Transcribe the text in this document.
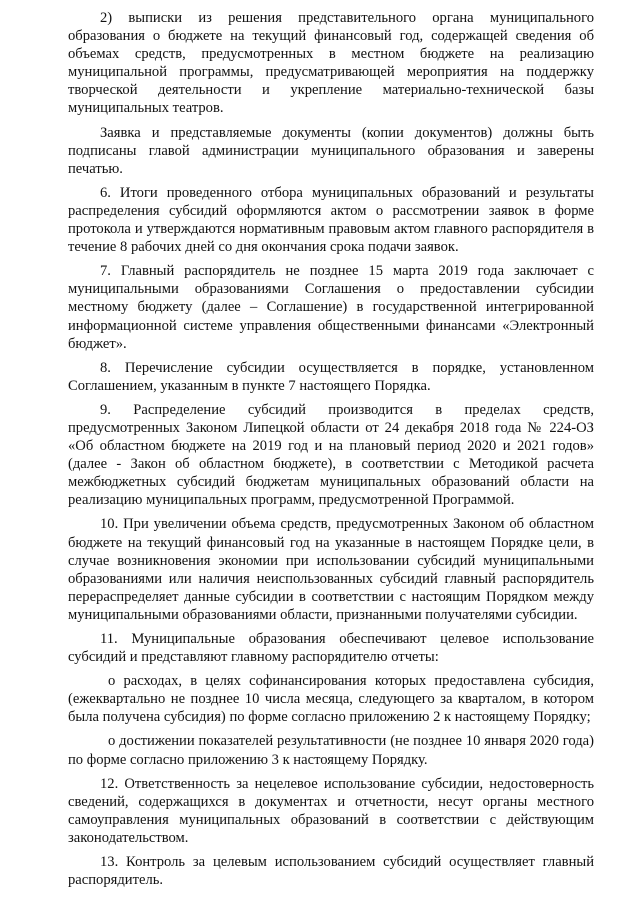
2) выписки из решения представительного органа муниципального образования о бюджете на текущий финансовый год, содержащей сведения об объемах средств, предусмотренных в местном бюджете на реализацию муниципальной программы, предусматривающей мероприятия на поддержку творческой деятельности и укрепление материально-технической базы муниципальных театров.

Заявка и представляемые документы (копии документов) должны быть подписаны главой администрации муниципального образования и заверены печатью.

6. Итоги проведенного отбора муниципальных образований и результаты распределения субсидий оформляются актом о рассмотрении заявок в форме протокола и утверждаются нормативным правовым актом главного распорядителя в течение 8 рабочих дней со дня окончания срока подачи заявок.

7. Главный распорядитель не позднее 15 марта 2019 года заключает с муниципальными образованиями Соглашения о предоставлении субсидии местному бюджету (далее – Соглашение) в государственной интегрированной информационной системе управления общественными финансами «Электронный бюджет».

8. Перечисление субсидии осуществляется в порядке, установленном Соглашением, указанным в пункте 7 настоящего Порядка.

9. Распределение субсидий производится в пределах средств, предусмотренных Законом Липецкой области от 24 декабря 2018 года № 224-ОЗ «Об областном бюджете на 2019 год и на плановый период 2020 и 2021 годов» (далее - Закон об областном бюджете), в соответствии с Методикой расчета межбюджетных субсидий бюджетам муниципальных образований области на реализацию муниципальных программ, предусмотренной Программой.

10. При увеличении объема средств, предусмотренных Законом об областном бюджете на текущий финансовый год на указанные в настоящем Порядке цели, в случае возникновения экономии при использовании субсидий муниципальными образованиями или наличия неиспользованных субсидий главный распорядитель перераспределяет данные субсидии в соответствии с настоящим Порядком между муниципальными образованиями области, признанными получателями субсидии.

11. Муниципальные образования обеспечивают целевое использование субсидий и представляют главному распорядителю отчеты:

о расходах, в целях софинансирования которых предоставлена субсидия, (ежеквартально не позднее 10 числа месяца, следующего за кварталом, в котором была получена субсидия) по форме согласно приложению 2 к настоящему Порядку;

о достижении показателей результативности (не позднее 10 января 2020 года) по форме согласно приложению 3 к настоящему Порядку.

12. Ответственность за нецелевое использование субсидии, недостоверность сведений, содержащихся в документах и отчетности, несут органы местного самоуправления муниципальных образований в соответствии с действующим законодательством.

13. Контроль за целевым использованием субсидий осуществляет главный распорядитель.
